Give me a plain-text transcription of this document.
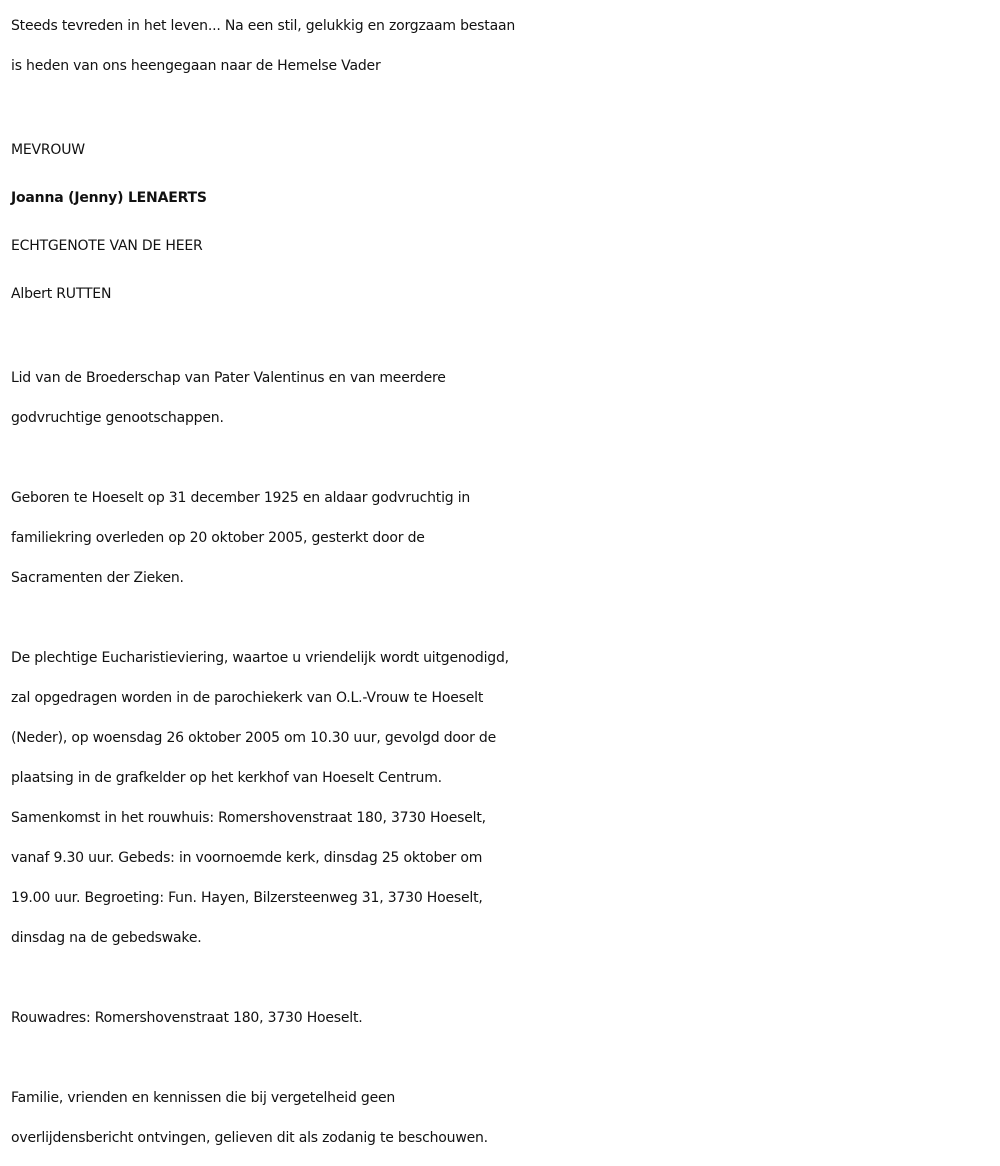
Steeds tevreden in het leven... Na een stil, gelukkig en zorgzaam bestaan
is heden van ons heengegaan naar de Hemelse Vader
MEVROUW
Joanna (Jenny) LENAERTS
ECHTGENOTE VAN DE HEER
Albert RUTTEN
Lid van de Broederschap van Pater Valentinus en van meerdere
godvruchtige genootschappen.
Geboren te Hoeselt op 31 december 1925 en aldaar godvruchtig in
familiekring overleden op 20 oktober 2005, gesterkt door de
Sacramenten der Zieken.
De plechtige Eucharistieviering, waartoe u vriendelijk wordt uitgenodigd,
zal opgedragen worden in de parochiekerk van O.L.-Vrouw te Hoeselt
(Neder), op woensdag 26 oktober 2005 om 10.30 uur, gevolgd door de
plaatsing in de grafkelder op het kerkhof van Hoeselt Centrum.
Samenkomst in het rouwhuis: Romershovenstraat 180, 3730 Hoeselt,
vanaf 9.30 uur. Gebeds: in voornoemde kerk, dinsdag 25 oktober om
19.00 uur. Begroeting: Fun. Hayen, Bilzersteenweg 31, 3730 Hoeselt,
dinsdag na de gebedswake.
Rouwadres: Romershovenstraat 180, 3730 Hoeselt.
Familie, vrienden en kennissen die bij vergetelheid geen
overlijdensbericht ontvingen, gelieven dit als zodanig te beschouwen.
